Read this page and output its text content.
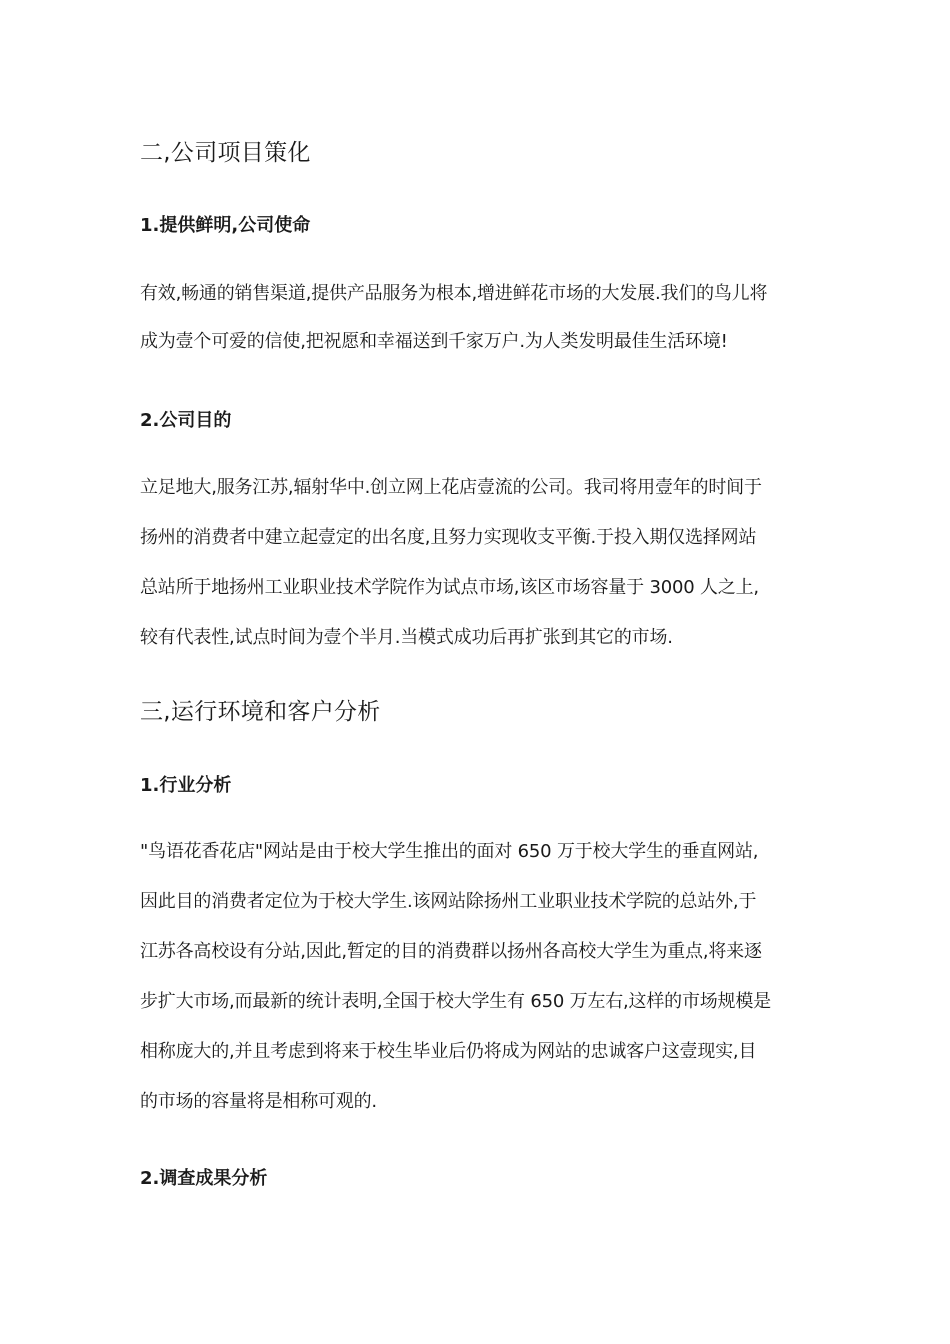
二,公司项目策化
1.提供鲜明,公司使命
有效,畅通的销售渠道,提供产品服务为根本,增进鲜花市场的大发展.我们的鸟儿将
成为壹个可爱的信使,把祝愿和幸福送到千家万户.为人类发明最佳生活环境!
2.公司目的
立足地大,服务江苏,辐射华中.创立网上花店壹流的公司。我司将用壹年的时间于
扬州的消费者中建立起壹定的出名度,且努力实现收支平衡.于投入期仅选择网站
总站所于地扬州工业职业技术学院作为试点市场,该区市场容量于 3000 人之上,
较有代表性,试点时间为壹个半月.当模式成功后再扩张到其它的市场.
三,运行环境和客户分析
1.行业分析
"鸟语花香花店"网站是由于校大学生推出的面对 650 万于校大学生的垂直网站,
因此目的消费者定位为于校大学生.该网站除扬州工业职业技术学院的总站外,于
江苏各高校设有分站,因此,暂定的目的消费群以扬州各高校大学生为重点,将来逐
步扩大市场,而最新的统计表明,全国于校大学生有 650 万左右,这样的市场规模是
相称庞大的,并且考虑到将来于校生毕业后仍将成为网站的忠诚客户这壹现实,目
的市场的容量将是相称可观的.
2.调查成果分析
